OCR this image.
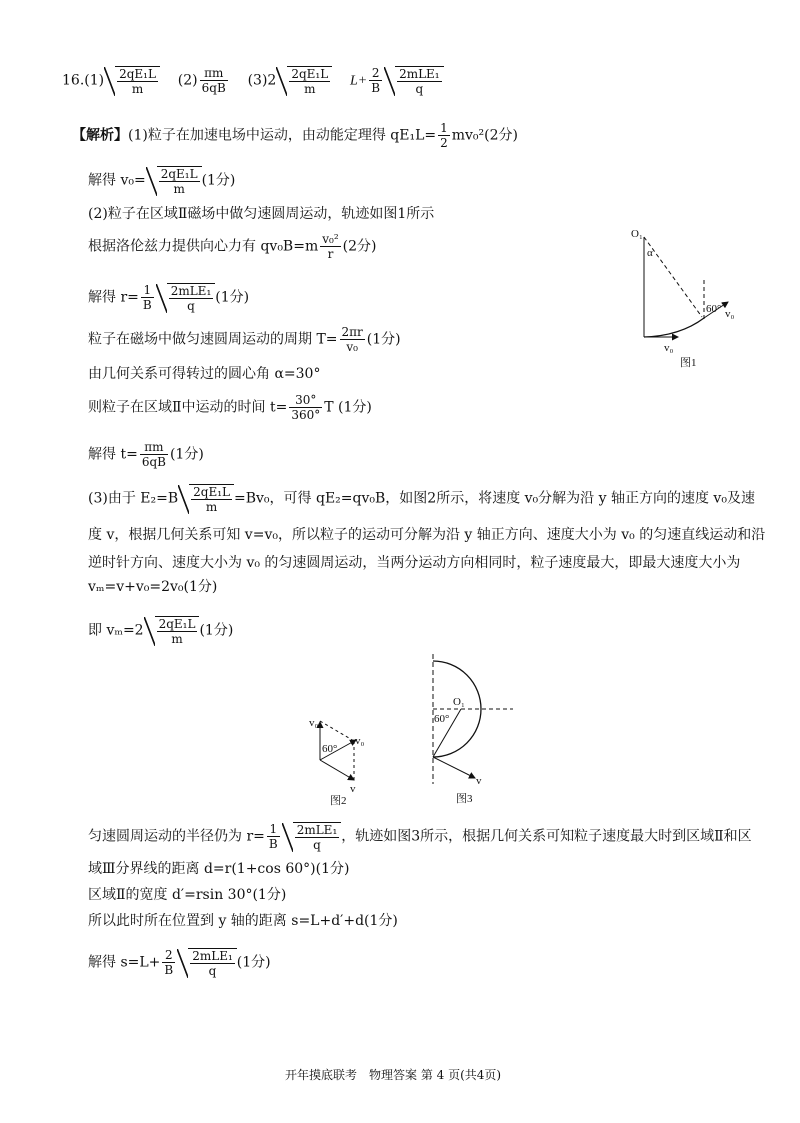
$16.(1) \frac{\text{2qE₁L}}{m} (2) \frac{\pi m}{6qB} (3)2 \frac{\text{2qE₁L}}{m} L+ \frac{2}{B} \frac{\text{2mLE₁}}{q}$
【解析】(1)粒子在加速电场中运动，由动能定理得 $qE_1L= \frac{1}{2} mv_0^2(2$分)
解得 $v_0= \frac{\text{2qE₁L}}{m} (1$分)
(2)粒子在区域Ⅱ磁场中做匀速圆周运动，轨迹如图1所示
根据洛伦兹力提供向心力有 $qv_0B=m \frac{\text{v₀²}}{r} (2$分)
解得 $r= \frac{1}{B} \frac{\text{2mLE₁}}{q} (1$分)
粒子在磁场中做匀速圆周运动的周期 $T= \frac{2\pi r}{\text{v₀}} (1$分)
由几何关系可得转过的圆心角 α=30°
则粒子在区域Ⅱ中运动的时间 $t= \frac{30^\circ}{360^\circ}$ T (1分)
解得 $t= \frac{\pi m}{6qB} (1$分)
(3)由于 $E_2=B \frac{\text{2qE₁L}}{m} =Bv_0$，可得 qE₂=qv₀B，如图2所示，将速度 v₀分解为沿 y 轴正方向的速度 v₀及速
度 v，根据几何关系可知 v=v₀，所以粒子的运动可分解为沿 y 轴正方向、速度大小为 v₀ 的匀速直线运动和沿
逆时针方向、速度大小为 v₀ 的匀速圆周运动，当两分运动方向相同时，粒子速度最大，即最大速度大小为
vₘ=v+v₀=2v₀(1分)
即 $v_m=2 \frac{\text{2qE₁L}}{m} (1$分)
匀速圆周运动的半径仍为 $r= \frac{1}{B} \frac{\text{2mLE₁}}{q}$ ，轨迹如图3所示，根据几何关系可知粒子速度最大时到区域Ⅱ和区
域Ⅲ分界线的距离 d=r(1+cos 60°)(1分)
区域Ⅱ的宽度 d′=rsin 30°(1分)
所以此时所在位置到 y 轴的距离 s=L+d′+d(1分)
解得 $s=L+ \frac{2}{B} \frac{\text{2mLE₁}}{q} (1$分)
O₁
α
60° v₀
v₀
图1
v₀
v₀
60°
v
图2
O₁
60°
v
图3
开年摸底联考　物理答案 第 4 页(共4页)
